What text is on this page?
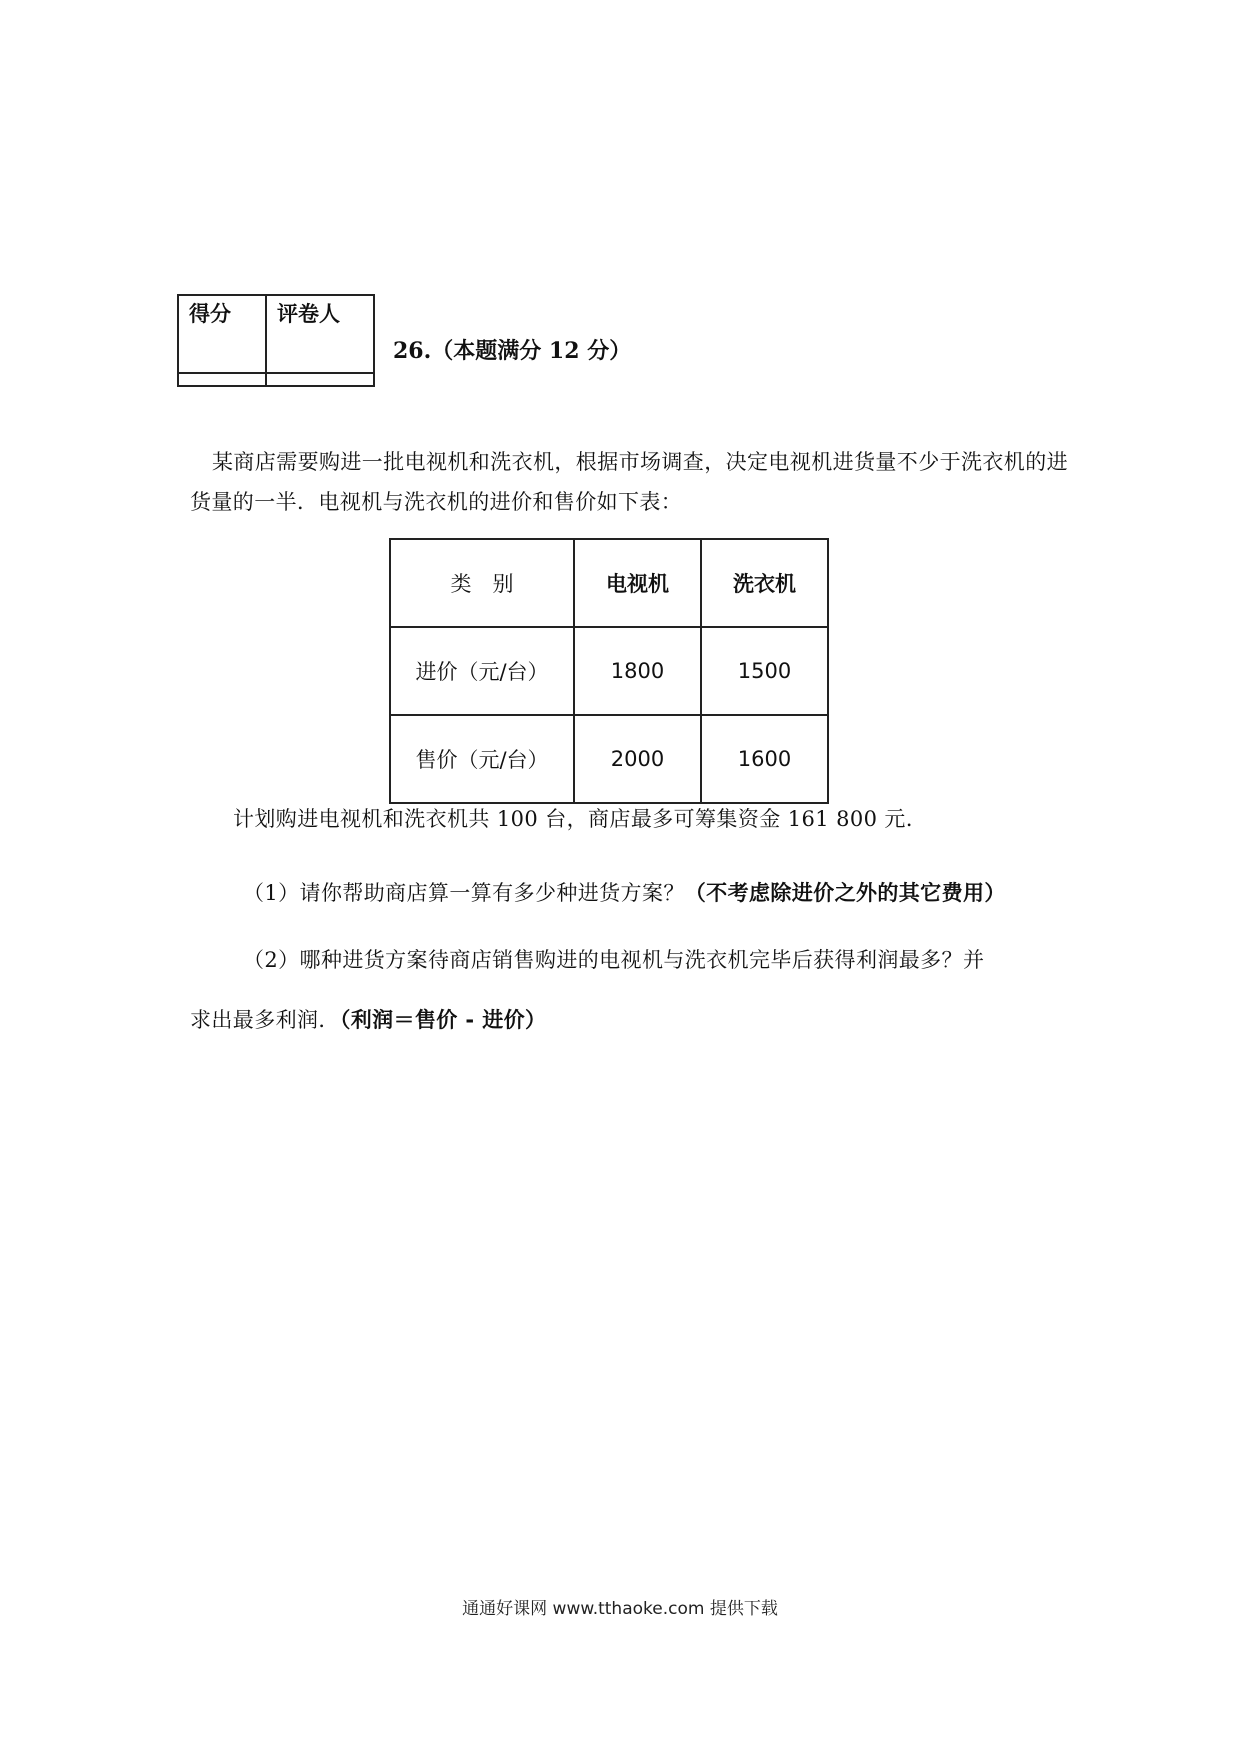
得分	评卷人

26.（本题满分 12 分）
某商店需要购进一批电视机和洗衣机，根据市场调查，决定电视机进货量不少于洗衣机的进货量的一半．电视机与洗衣机的进价和售价如下表：
类　别	电视机	洗衣机
进价（元/台）	1800	1500
售价（元/台）	2000	1600
计划购进电视机和洗衣机共 100 台，商店最多可筹集资金 161 800 元．
（1）请你帮助商店算一算有多少种进货方案？（不考虑除进价之外的其它费用）
（2）哪种进货方案待商店销售购进的电视机与洗衣机完毕后获得利润最多？并
求出最多利润．（利润＝售价 - 进价）
通通好课网 www.tthaoke.com 提供下载
